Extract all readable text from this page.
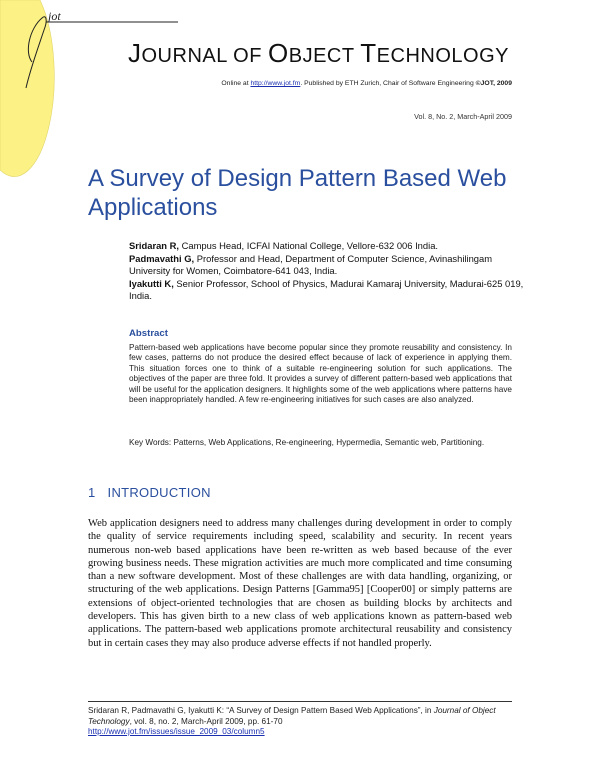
jot
JOURNAL OF OBJECT TECHNOLOGY
Online at http://www.jot.fm. Published by ETH Zurich, Chair of Software Engineering ©JOT, 2009
Vol. 8, No. 2, March-April 2009
A Survey of Design Pattern Based Web Applications
Sridaran R, Campus Head, ICFAI National College, Vellore-632 006 India.
Padmavathi G, Professor and Head, Department of Computer Science, Avinashilingam University for Women, Coimbatore-641 043, India.
Iyakutti K, Senior Professor, School of Physics, Madurai Kamaraj University, Madurai-625 019, India.
Abstract
Pattern-based web applications have become popular since they promote reusability and consistency. In few cases, patterns do not produce the desired effect because of lack of experience in applying them. This situation forces one to think of a suitable re-engineering solution for such applications. The objectives of the paper are three fold. It provides a survey of different pattern-based web applications that will be useful for the application designers. It highlights some of the web applications where patterns have been inappropriately handled. A few re-engineering initiatives for such cases are also analyzed.
Key Words: Patterns, Web Applications, Re-engineering, Hypermedia, Semantic web, Partitioning.
1 INTRODUCTION
Web application designers need to address many challenges during development in order to comply the quality of service requirements including speed, scalability and security. In recent years numerous non-web based applications have been re-written as web based because of the ever growing business needs. These migration activities are much more complicated and time consuming than a new software development. Most of these challenges are with data handling, organizing, or structuring of the web applications. Design Patterns [Gamma95] [Cooper00] or simply patterns are extensions of object-oriented technologies that are chosen as building blocks by architects and developers. This has given birth to a new class of web applications known as pattern-based web applications. The pattern-based web applications promote architectural reusability and consistency but in certain cases they may also produce adverse effects if not handled properly.
Sridaran R, Padmavathi G, Iyakutti K: “A Survey of Design Pattern Based Web Applications”, in Journal of Object Technology, vol. 8, no. 2, March-April 2009, pp. 61-70
http://www.jot.fm/issues/issue_2009_03/column5
